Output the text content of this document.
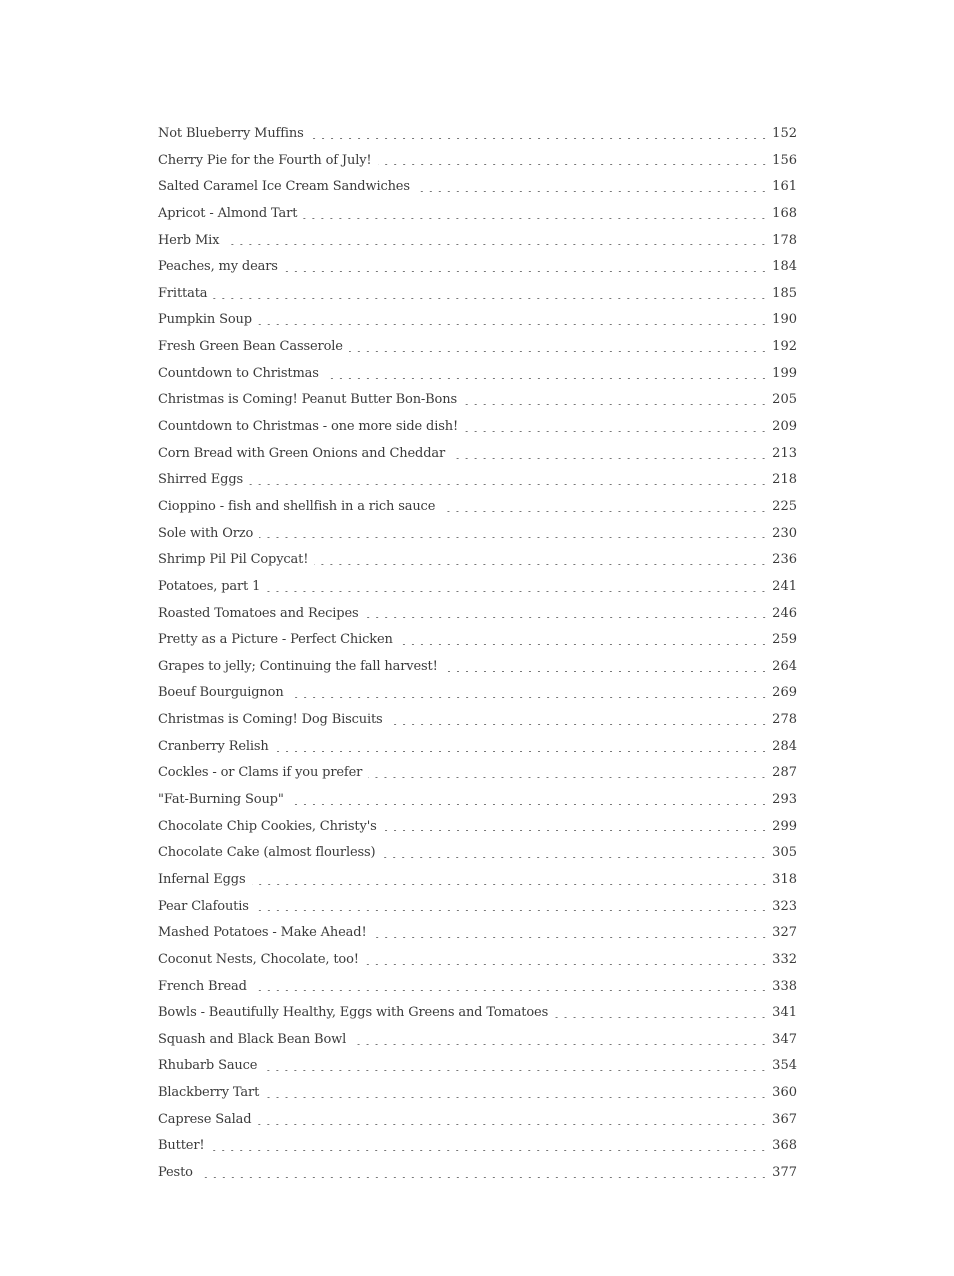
Not Blueberry Muffins	152
Cherry Pie for the Fourth of July!	156
Salted Caramel Ice Cream Sandwiches	161
Apricot - Almond Tart	168
Herb Mix	178
Peaches, my dears	184
Frittata	185
Pumpkin Soup	190
Fresh Green Bean Casserole	192
Countdown to Christmas	199
Christmas is Coming! Peanut Butter Bon-Bons	205
Countdown to Christmas - one more side dish!	209
Corn Bread with Green Onions and Cheddar	213
Shirred Eggs	218
Cioppino - fish and shellfish in a rich sauce	225
Sole with Orzo	230
Shrimp Pil Pil Copycat!	236
Potatoes, part 1	241
Roasted Tomatoes and Recipes	246
Pretty as a Picture - Perfect Chicken	259
Grapes to jelly; Continuing the fall harvest!	264
Boeuf Bourguignon	269
Christmas is Coming! Dog Biscuits	278
Cranberry Relish	284
Cockles - or Clams if you prefer	287
"Fat-Burning Soup"	293
Chocolate Chip Cookies, Christy's	299
Chocolate Cake (almost flourless)	305
Infernal Eggs	318
Pear Clafoutis	323
Mashed Potatoes - Make Ahead!	327
Coconut Nests, Chocolate, too!	332
French Bread	338
Bowls - Beautifully Healthy, Eggs with Greens and Tomatoes	341
Squash and Black Bean Bowl	347
Rhubarb Sauce	354
Blackberry Tart	360
Caprese Salad	367
Butter!	368
Pesto	377
